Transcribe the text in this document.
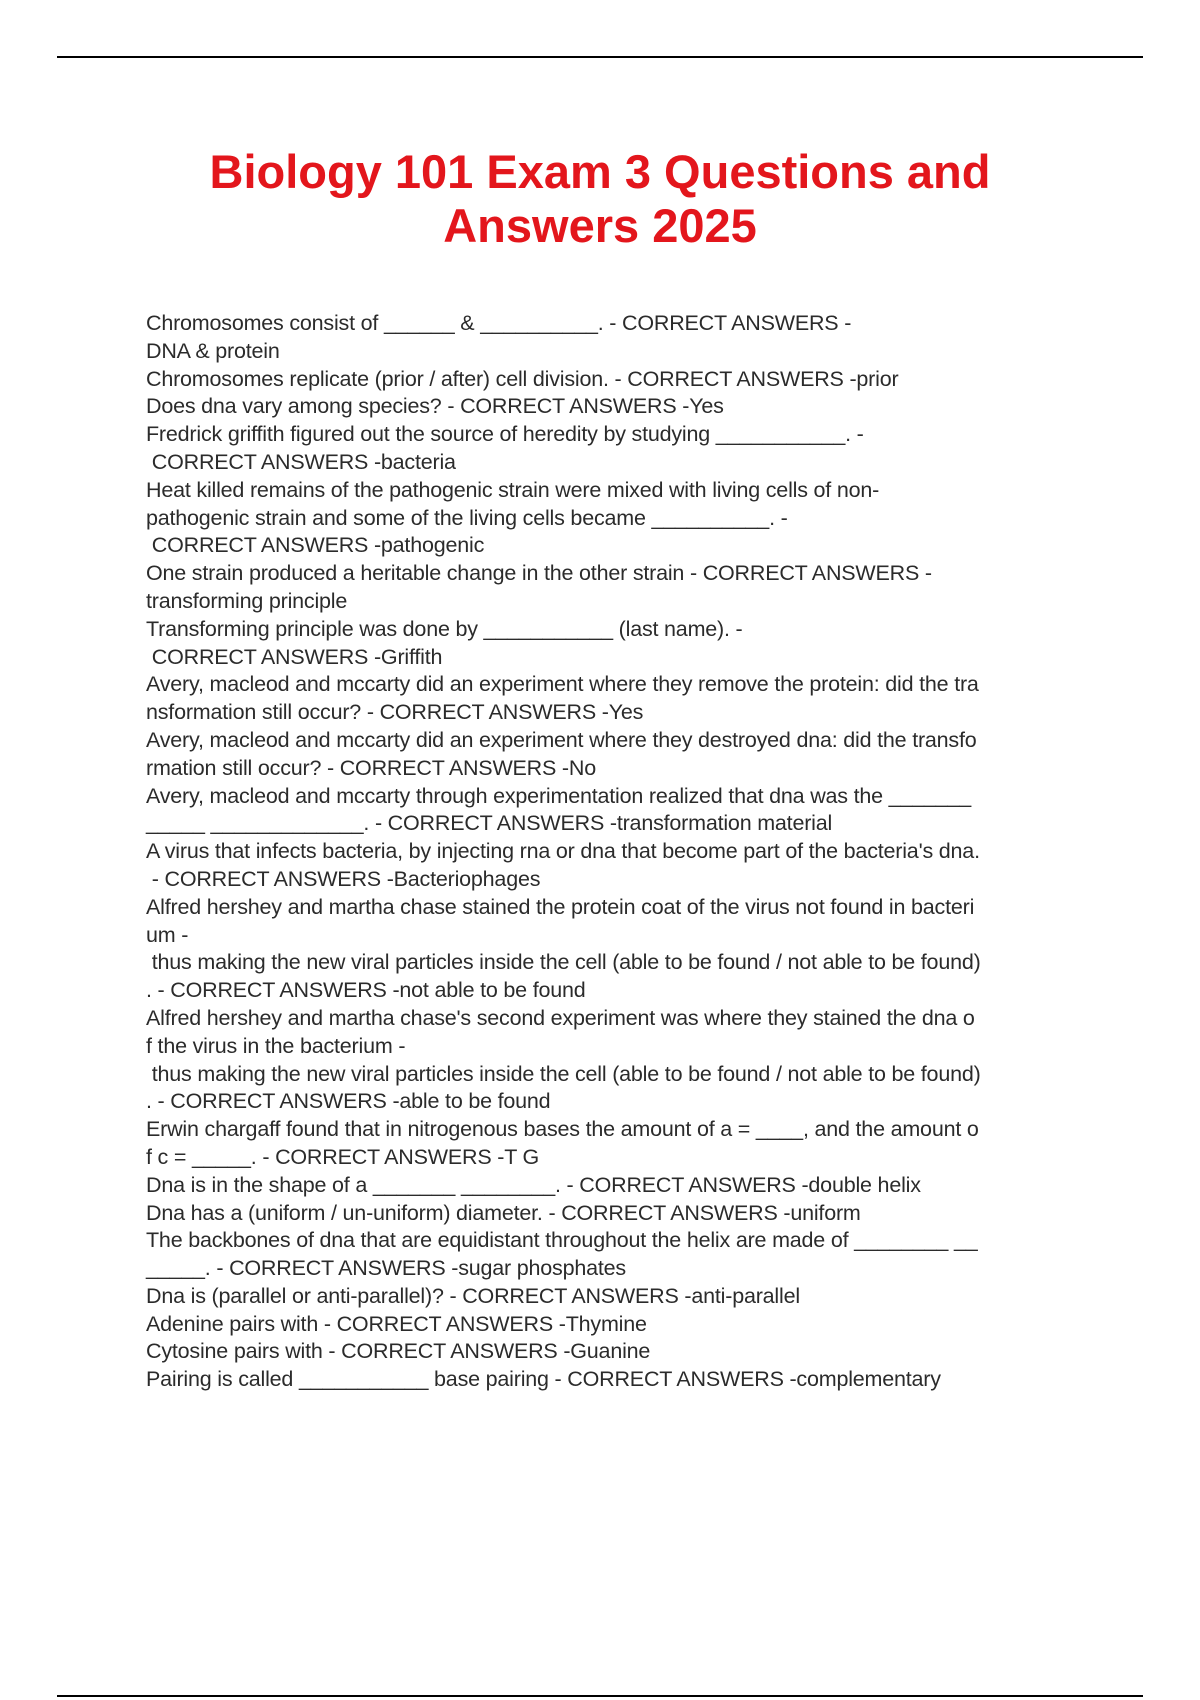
Biology 101 Exam 3 Questions and
Answers 2025
Chromosomes consist of ______ & __________. - CORRECT ANSWERS -
DNA & protein
Chromosomes replicate (prior / after) cell division. - CORRECT ANSWERS -prior
Does dna vary among species? - CORRECT ANSWERS -Yes
Fredrick griffith figured out the source of heredity by studying ___________. -
CORRECT ANSWERS -bacteria
Heat killed remains of the pathogenic strain were mixed with living cells of non-
pathogenic strain and some of the living cells became __________. -
CORRECT ANSWERS -pathogenic
One strain produced a heritable change in the other strain - CORRECT ANSWERS -
transforming principle
Transforming principle was done by ___________ (last name). -
CORRECT ANSWERS -Griffith
Avery, macleod and mccarty did an experiment where they remove the protein: did the tra
nsformation still occur? - CORRECT ANSWERS -Yes
Avery, macleod and mccarty did an experiment where they destroyed dna: did the transfo
rmation still occur? - CORRECT ANSWERS -No
Avery, macleod and mccarty through experimentation realized that dna was the _______
_____ _____________. - CORRECT ANSWERS -transformation material
A virus that infects bacteria, by injecting rna or dna that become part of the bacteria's dna.
- CORRECT ANSWERS -Bacteriophages
Alfred hershey and martha chase stained the protein coat of the virus not found in bacteri
um -
thus making the new viral particles inside the cell (able to be found / not able to be found)
. - CORRECT ANSWERS -not able to be found
Alfred hershey and martha chase's second experiment was where they stained the dna o
f the virus in the bacterium -
thus making the new viral particles inside the cell (able to be found / not able to be found)
. - CORRECT ANSWERS -able to be found
Erwin chargaff found that in nitrogenous bases the amount of a = ____, and the amount o
f c = _____. - CORRECT ANSWERS -T G
Dna is in the shape of a _______ ________. - CORRECT ANSWERS -double helix
Dna has a (uniform / un-uniform) diameter. - CORRECT ANSWERS -uniform
The backbones of dna that are equidistant throughout the helix are made of ________ __
_____. - CORRECT ANSWERS -sugar phosphates
Dna is (parallel or anti-parallel)? - CORRECT ANSWERS -anti-parallel
Adenine pairs with - CORRECT ANSWERS -Thymine
Cytosine pairs with - CORRECT ANSWERS -Guanine
Pairing is called ___________ base pairing - CORRECT ANSWERS -complementary
